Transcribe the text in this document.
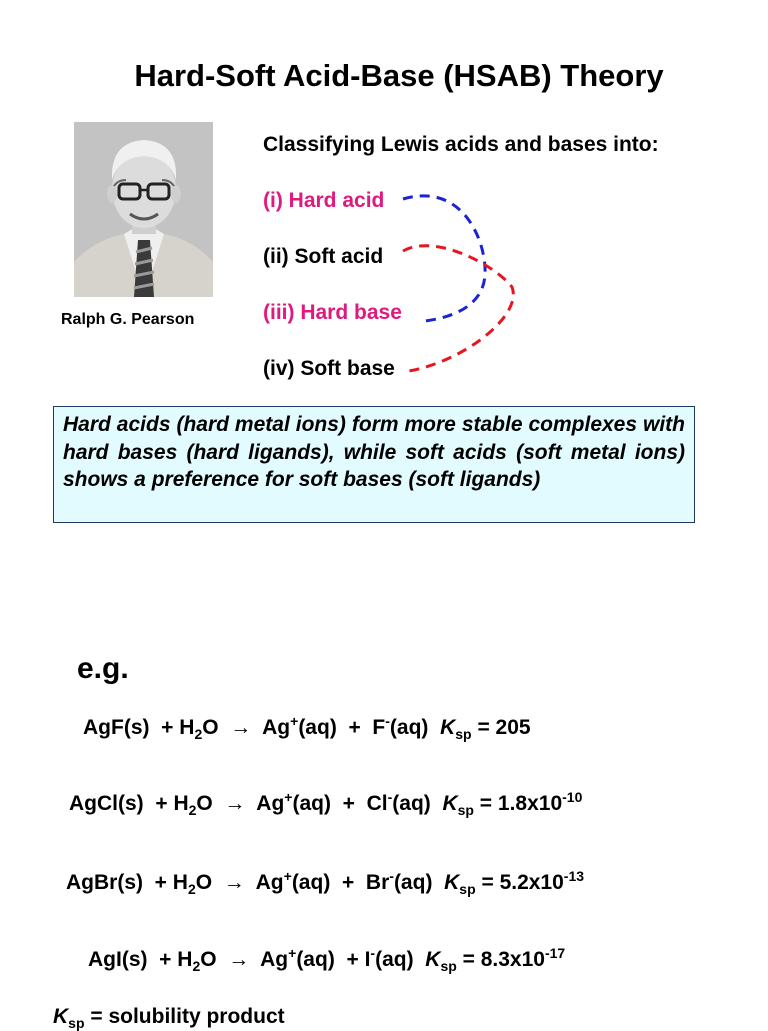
Hard-Soft Acid-Base (HSAB) Theory
Ralph G. Pearson
Classifying Lewis acids and bases into:
(i) Hard acid
(ii) Soft acid
(iii) Hard base
(iv) Soft base
Hard acids (hard metal ions) form more stable complexes with hard bases (hard ligands), while soft acids (soft metal ions) shows a preference for soft bases (soft ligands)
e.g.
$AgF(s) + H_2O \to Ag^+(aq) + F^-(aq) K_{sp} = 205$
AgCl(s)  + $H_2O \to Ag^+(aq) + Cl^-(aq) K_{sp} = 1.8x10^{-10}$
AgBr(s)  + $H_2O \to Ag^+(aq) + Br^-(aq) K_{sp} = 5.2x10^{-13}$
$AgI(s) + H_2O \to Ag^+(aq) + I^-(aq) K_{sp} = 8.3x10^{-17}$
$K_{sp}$ = solubility product
